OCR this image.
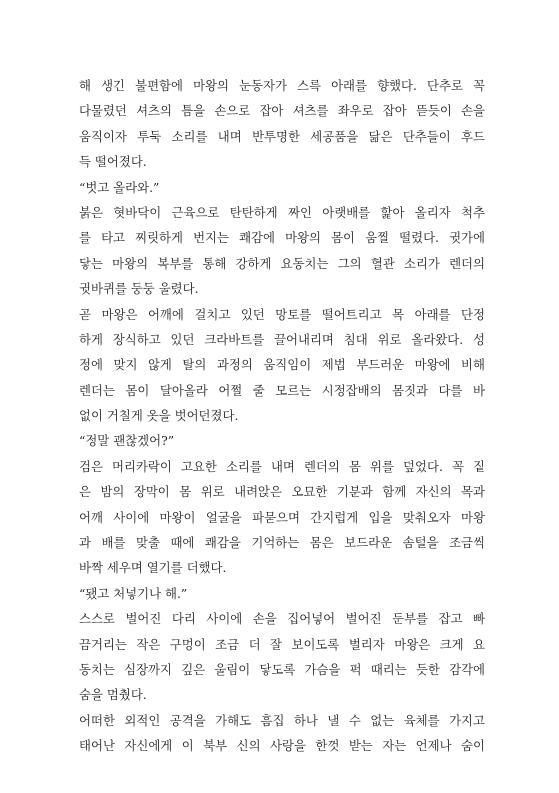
해 생긴 불편함에 마왕의 눈동자가 스륵 아래를 향했다. 단추로 꼭
다물렸던 셔츠의 틈을 손으로 잡아 셔츠를 좌우로 잡아 뜯듯이 손을
움직이자 투둑 소리를 내며 반투명한 세공품을 닮은 단추들이 후드
득 떨어졌다.
“벗고 올라와.”
붉은 혓바닥이 근육으로 탄탄하게 짜인 아랫배를 핥아 올리자 척추
를 타고 찌릿하게 번지는 쾌감에 마왕의 몸이 움찔 떨렸다. 귓가에
닿는 마왕의 복부를 통해 강하게 요동치는 그의 혈관 소리가 렌더의
귓바퀴를 둥둥 울렸다.
곧 마왕은 어깨에 걸치고 있던 망토를 떨어트리고 목 아래를 단정
하게 장식하고 있던 크라바트를 끌어내리며 침대 위로 올라왔다. 성
정에 맞지 않게 탈의 과정의 움직임이 제법 부드러운 마왕에 비해
렌더는 몸이 달아올라 어쩔 줄 모르는 시정잡배의 몸짓과 다를 바
없이 거칠게 옷을 벗어던졌다.
“정말 괜찮겠어?”
검은 머리카락이 고요한 소리를 내며 렌더의 몸 위를 덮었다. 꼭 짙
은 밤의 장막이 몸 위로 내려앉은 오묘한 기분과 함께 자신의 목과
어깨 사이에 마왕이 얼굴을 파묻으며 간지럽게 입을 맞춰오자 마왕
과 배를 맞출 때에 쾌감을 기억하는 몸은 보드라운 솜털을 조금씩
바짝 세우며 열기를 더했다.
“됐고 처넣기나 해.”
스스로 벌어진 다리 사이에 손을 집어넣어 벌어진 둔부를 잡고 빠
끔거리는 작은 구멍이 조금 더 잘 보이도록 벌리자 마왕은 크게 요
동치는 심장까지 깊은 울림이 닿도록 가슴을 퍽 때리는 듯한 감각에
숨을 멈췄다.
어떠한 외적인 공격을 가해도 흠집 하나 낼 수 없는 육체를 가지고
태어난 자신에게 이 북부 신의 사랑을 한껏 받는 자는 언제나 숨이
